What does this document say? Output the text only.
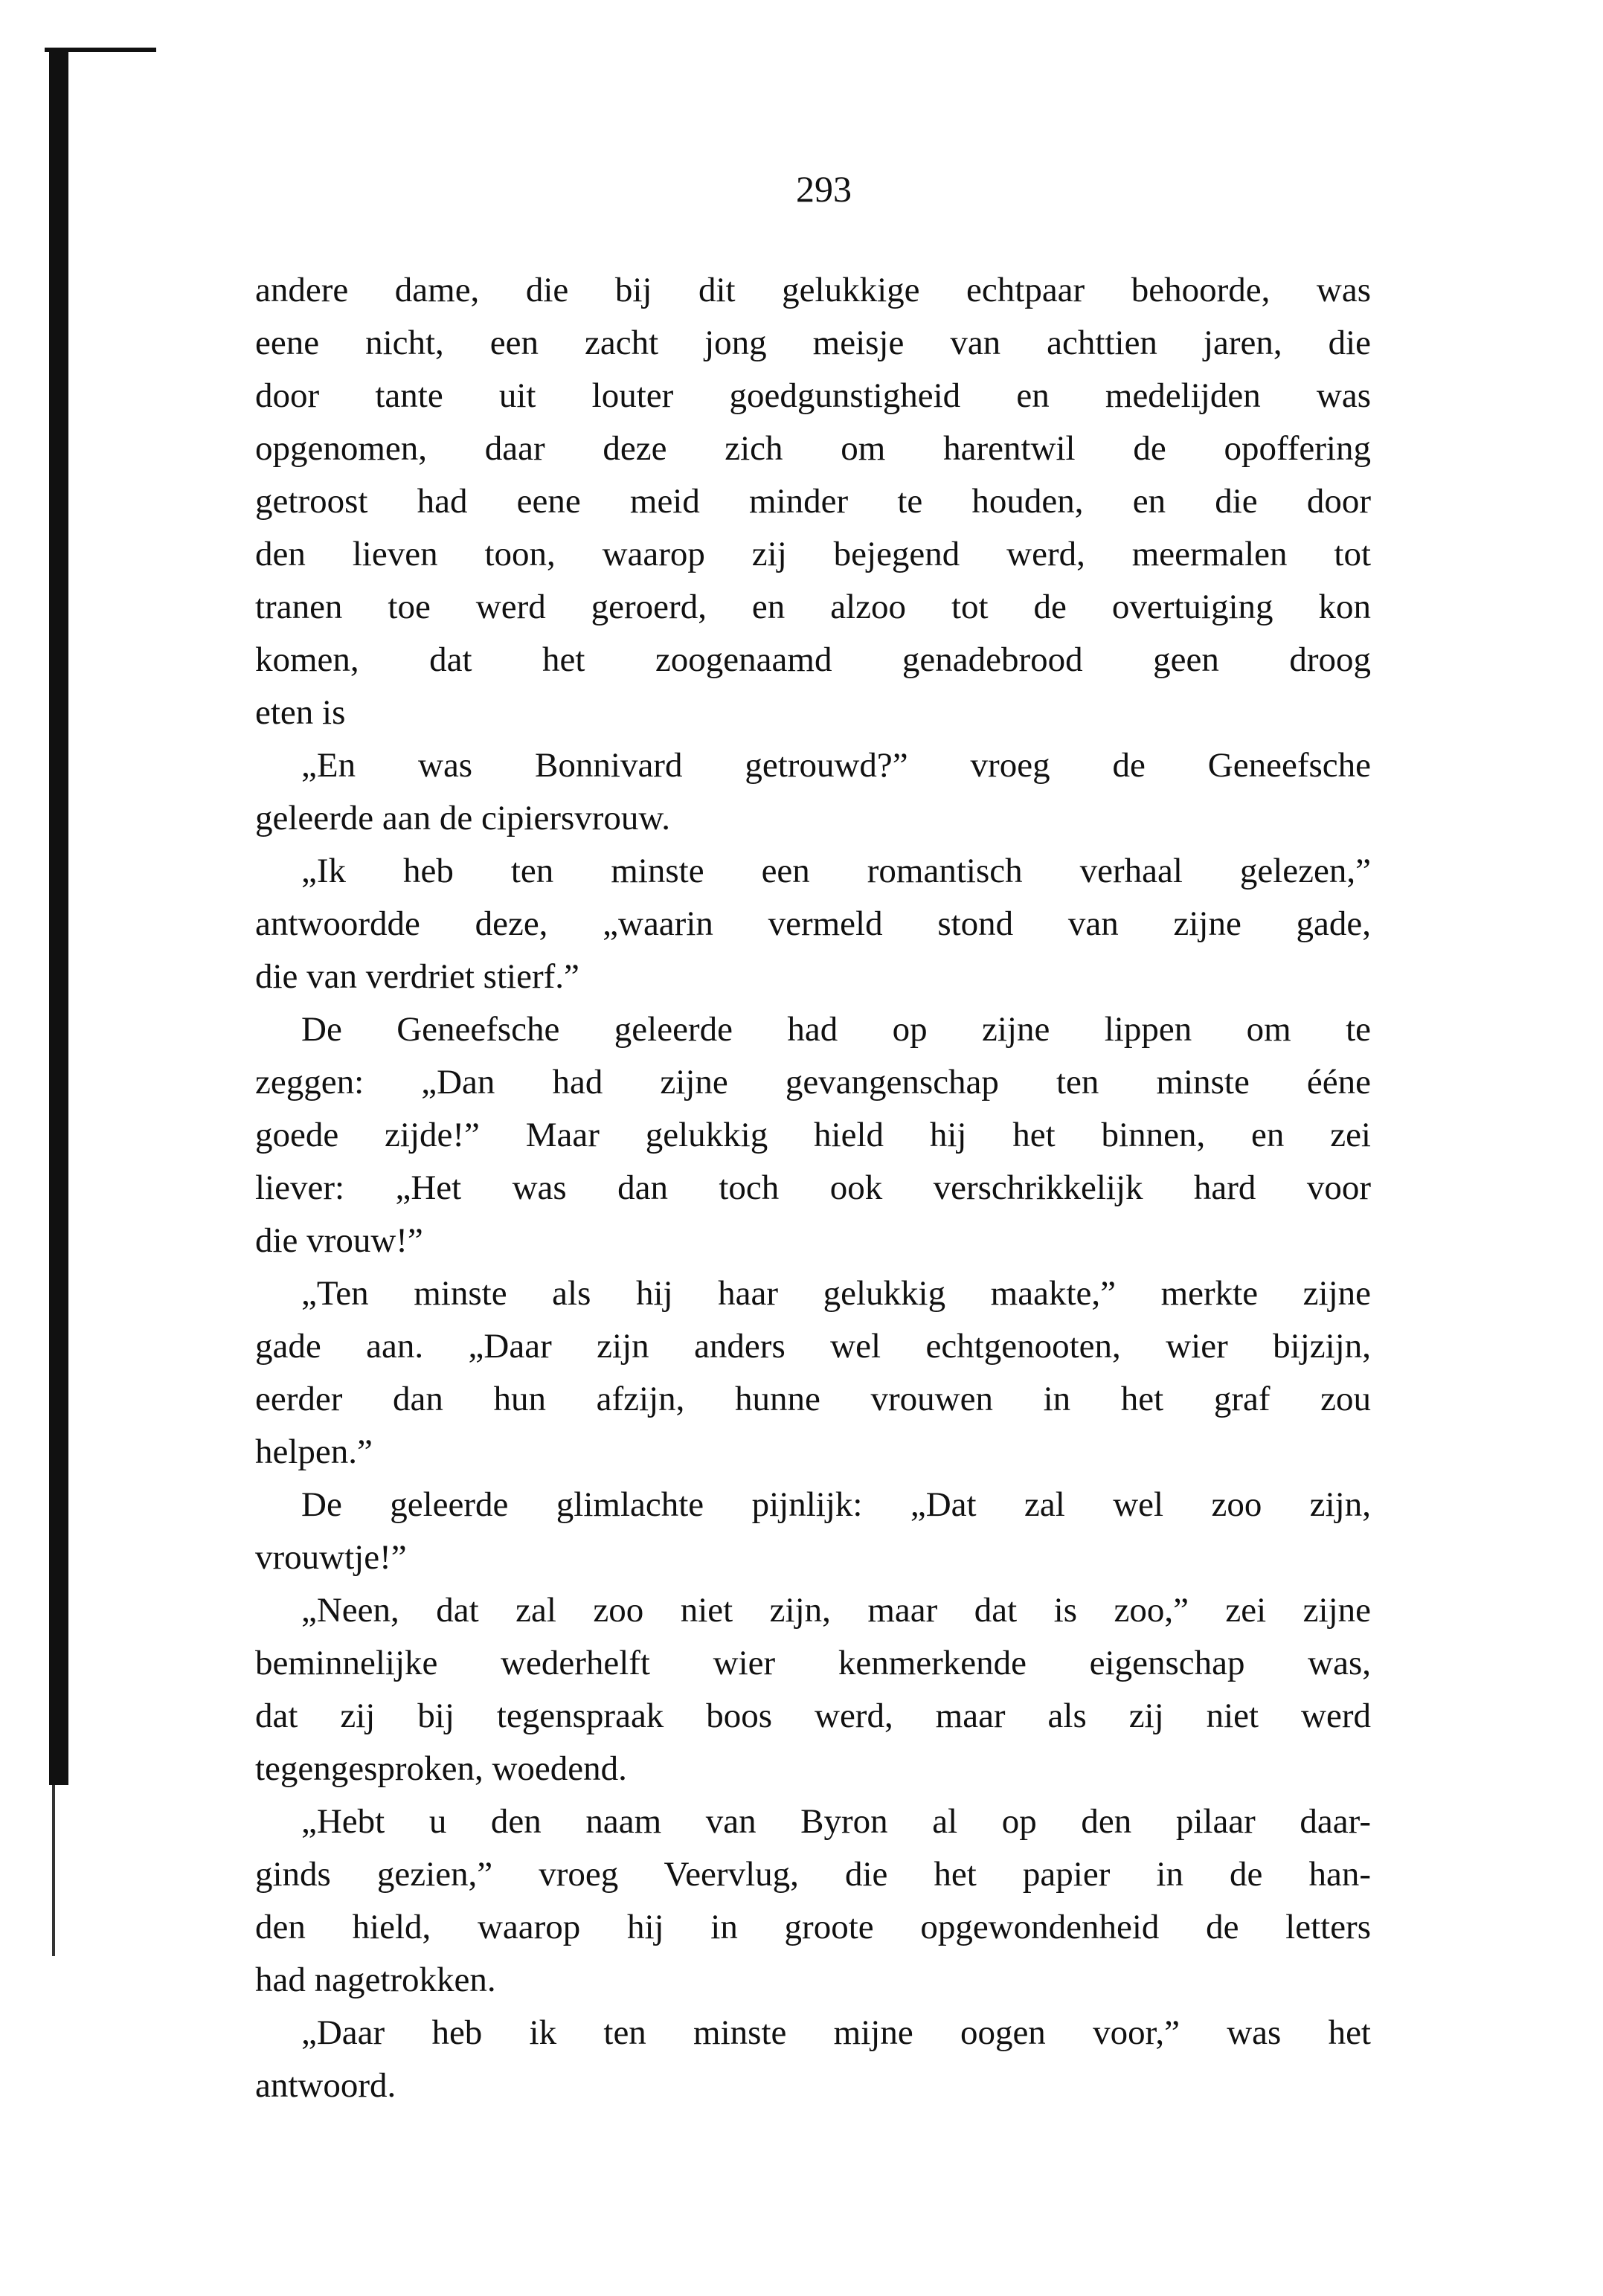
293
andere dame, die bij dit gelukkige echtpaar behoorde, was
eene nicht, een zacht jong meisje van achttien jaren, die
door tante uit louter goedgunstigheid en medelijden was
opgenomen, daar deze zich om harentwil de opoffering
getroost had eene meid minder te houden, en die door
den lieven toon, waarop zij bejegend werd, meermalen tot
tranen toe werd geroerd, en alzoo tot de overtuiging kon
komen, dat het zoogenaamd genadebrood geen droog
eten is
„En was Bonnivard getrouwd?” vroeg de Geneefsche
geleerde aan de cipiersvrouw.
„Ik heb ten minste een romantisch verhaal gelezen,”
antwoordde deze, „waarin vermeld stond van zijne gade,
die van verdriet stierf.”
De Geneefsche geleerde had op zijne lippen om te
zeggen: „Dan had zijne gevangenschap ten minste ééne
goede zijde!” Maar gelukkig hield hij het binnen, en zei
liever: „Het was dan toch ook verschrikkelijk hard voor
die vrouw!”
„Ten minste als hij haar gelukkig maakte,” merkte zijne
gade aan. „Daar zijn anders wel echtgenooten, wier bijzijn,
eerder dan hun afzijn, hunne vrouwen in het graf zou
helpen.”
De geleerde glimlachte pijnlijk: „Dat zal wel zoo zijn,
vrouwtje!”
„Neen, dat zal zoo niet zijn, maar dat is zoo,” zei zijne
beminnelijke wederhelft wier kenmerkende eigenschap was,
dat zij bij tegenspraak boos werd, maar als zij niet werd
tegengesproken, woedend.
„Hebt u den naam van Byron al op den pilaar daar-
ginds gezien,” vroeg Veervlug, die het papier in de han-
den hield, waarop hij in groote opgewondenheid de letters
had nagetrokken.
„Daar heb ik ten minste mijne oogen voor,” was het
antwoord.
